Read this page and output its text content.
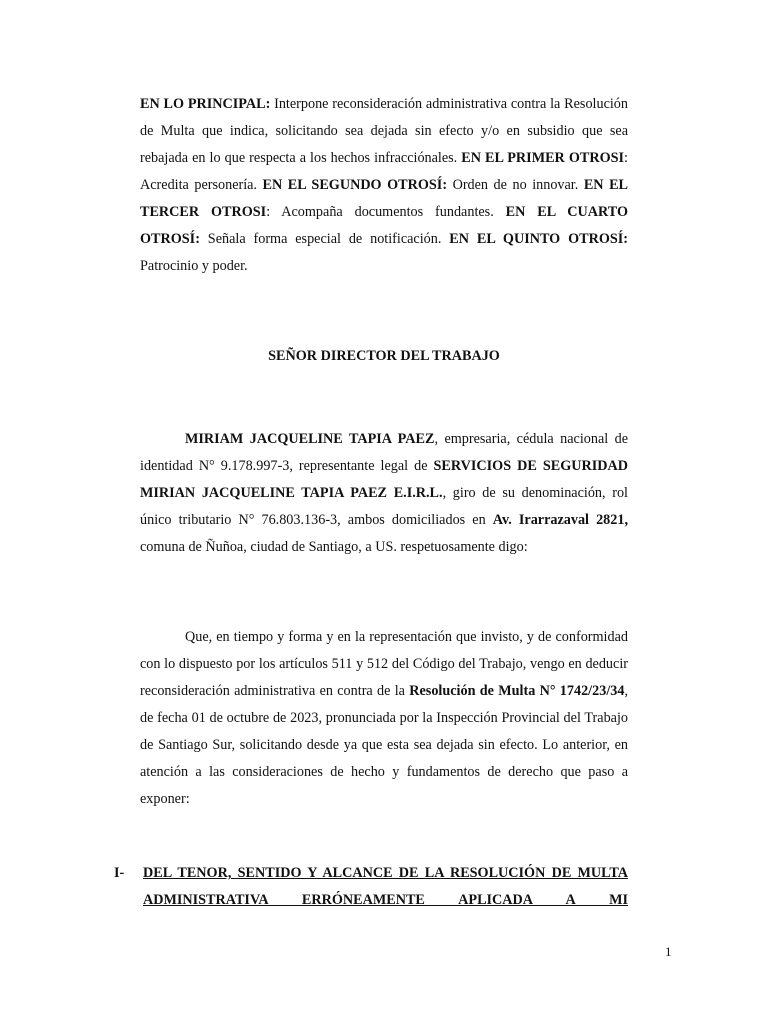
EN LO PRINCIPAL: Interpone reconsideración administrativa contra la Resolución de Multa que indica, solicitando sea dejada sin efecto y/o en subsidio que sea rebajada en lo que respecta a los hechos infracciónales. EN EL PRIMER OTROSI: Acredita personería. EN EL SEGUNDO OTROSÍ: Orden de no innovar. EN EL TERCER OTROSI: Acompaña documentos fundantes. EN EL CUARTO OTROSÍ: Señala forma especial de notificación. EN EL QUINTO OTROSÍ: Patrocinio y poder.
SEÑOR DIRECTOR DEL TRABAJO
MIRIAM JACQUELINE TAPIA PAEZ, empresaria, cédula nacional de identidad N° 9.178.997-3, representante legal de SERVICIOS DE SEGURIDAD MIRIAN JACQUELINE TAPIA PAEZ E.I.R.L., giro de su denominación, rol único tributario N° 76.803.136-3, ambos domiciliados en Av. Irarrazaval 2821, comuna de Ñuñoa, ciudad de Santiago, a US. respetuosamente digo:
Que, en tiempo y forma y en la representación que invisto, y de conformidad con lo dispuesto por los artículos 511 y 512 del Código del Trabajo, vengo en deducir reconsideración administrativa en contra de la Resolución de Multa N° 1742/23/34, de fecha 01 de octubre de 2023, pronunciada por la Inspección Provincial del Trabajo de Santiago Sur, solicitando desde ya que esta sea dejada sin efecto. Lo anterior, en atención a las consideraciones de hecho y fundamentos de derecho que paso a exponer:
I- DEL TENOR, SENTIDO Y ALCANCE DE LA RESOLUCIÓN DE MULTA ADMINISTRATIVA ERRÓNEAMENTE APLICADA A MI
1
